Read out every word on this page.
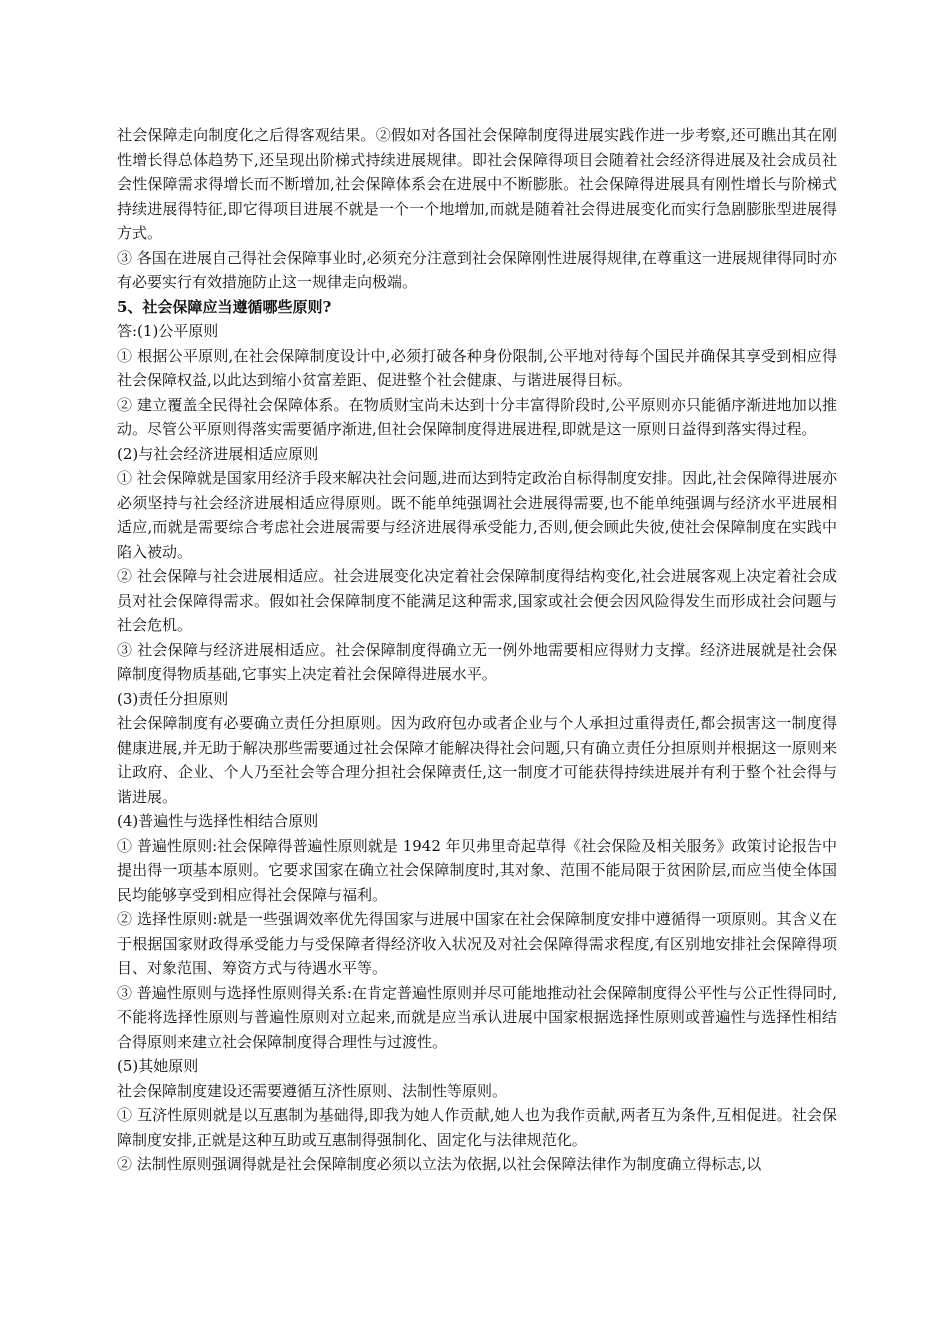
社会保障走向制度化之后得客观结果。②假如对各国社会保障制度得进展实践作进一步考察,还可瞧出其在刚性增长得总体趋势下,还呈现出阶梯式持续进展规律。即社会保障得项目会随着社会经济得进展及社会成员社会性保障需求得增长而不断增加,社会保障体系会在进展中不断膨胀。社会保障得进展具有刚性增长与阶梯式持续进展得特征,即它得项目进展不就是一个一个地增加,而就是随着社会得进展变化而实行急剧膨胀型进展得方式。

③ 各国在进展自己得社会保障事业时,必须充分注意到社会保障刚性进展得规律,在尊重这一进展规律得同时亦有必要实行有效措施防止这一规律走向极端。

5、社会保障应当遵循哪些原则?

答:(1)公平原则

① 根据公平原则,在社会保障制度设计中,必须打破各种身份限制,公平地对待每个国民并确保其享受到相应得社会保障权益,以此达到缩小贫富差距、促进整个社会健康、与谐进展得目标。

② 建立覆盖全民得社会保障体系。在物质财宝尚未达到十分丰富得阶段时,公平原则亦只能循序渐进地加以推动。尽管公平原则得落实需要循序渐进,但社会保障制度得进展进程,即就是这一原则日益得到落实得过程。

(2)与社会经济进展相适应原则

① 社会保障就是国家用经济手段来解决社会问题,进而达到特定政治自标得制度安排。因此,社会保障得进展亦必须坚持与社会经济进展相适应得原则。既不能单纯强调社会进展得需要,也不能单纯强调与经济水平进展相适应,而就是需要综合考虑社会进展需要与经济进展得承受能力,否则,便会顾此失彼,使社会保障制度在实践中陷入被动。

② 社会保障与社会进展相适应。社会进展变化决定着社会保障制度得结构变化,社会进展客观上决定着社会成员对社会保障得需求。假如社会保障制度不能满足这种需求,国家或社会便会因风险得发生而形成社会问题与社会危机。

③ 社会保障与经济进展相适应。社会保障制度得确立无一例外地需要相应得财力支撑。经济进展就是社会保障制度得物质基础,它事实上决定着社会保障得进展水平。

(3)责任分担原则

社会保障制度有必要确立责任分担原则。因为政府包办或者企业与个人承担过重得责任,都会损害这一制度得健康进展,并无助于解决那些需要通过社会保障才能解决得社会问题,只有确立责任分担原则并根据这一原则来让政府、企业、个人乃至社会等合理分担社会保障责任,这一制度才可能获得持续进展并有利于整个社会得与谐进展。

(4)普遍性与选择性相结合原则

① 普遍性原则:社会保障得普遍性原则就是 1942 年贝弗里奇起草得《社会保险及相关服务》政策讨论报告中提出得一项基本原则。它要求国家在确立社会保障制度时,其对象、范围不能局限于贫困阶层,而应当使全体国民均能够享受到相应得社会保障与福利。

② 选择性原则:就是一些强调效率优先得国家与进展中国家在社会保障制度安排中遵循得一项原则。其含义在于根据国家财政得承受能力与受保障者得经济收入状况及对社会保障得需求程度,有区别地安排社会保障得项目、对象范围、筹资方式与待遇水平等。

③ 普遍性原则与选择性原则得关系:在肯定普遍性原则并尽可能地推动社会保障制度得公平性与公正性得同时,不能将选择性原则与普遍性原则对立起来,而就是应当承认进展中国家根据选择性原则或普遍性与选择性相结合得原则来建立社会保障制度得合理性与过渡性。

(5)其她原则

社会保障制度建设还需要遵循互济性原则、法制性等原则。

① 互济性原则就是以互惠制为基础得,即我为她人作贡献,她人也为我作贡献,两者互为条件,互相促进。社会保障制度安排,正就是这种互助或互惠制得强制化、固定化与法律规范化。

② 法制性原则强调得就是社会保障制度必须以立法为依据,以社会保障法律作为制度确立得标志,以
